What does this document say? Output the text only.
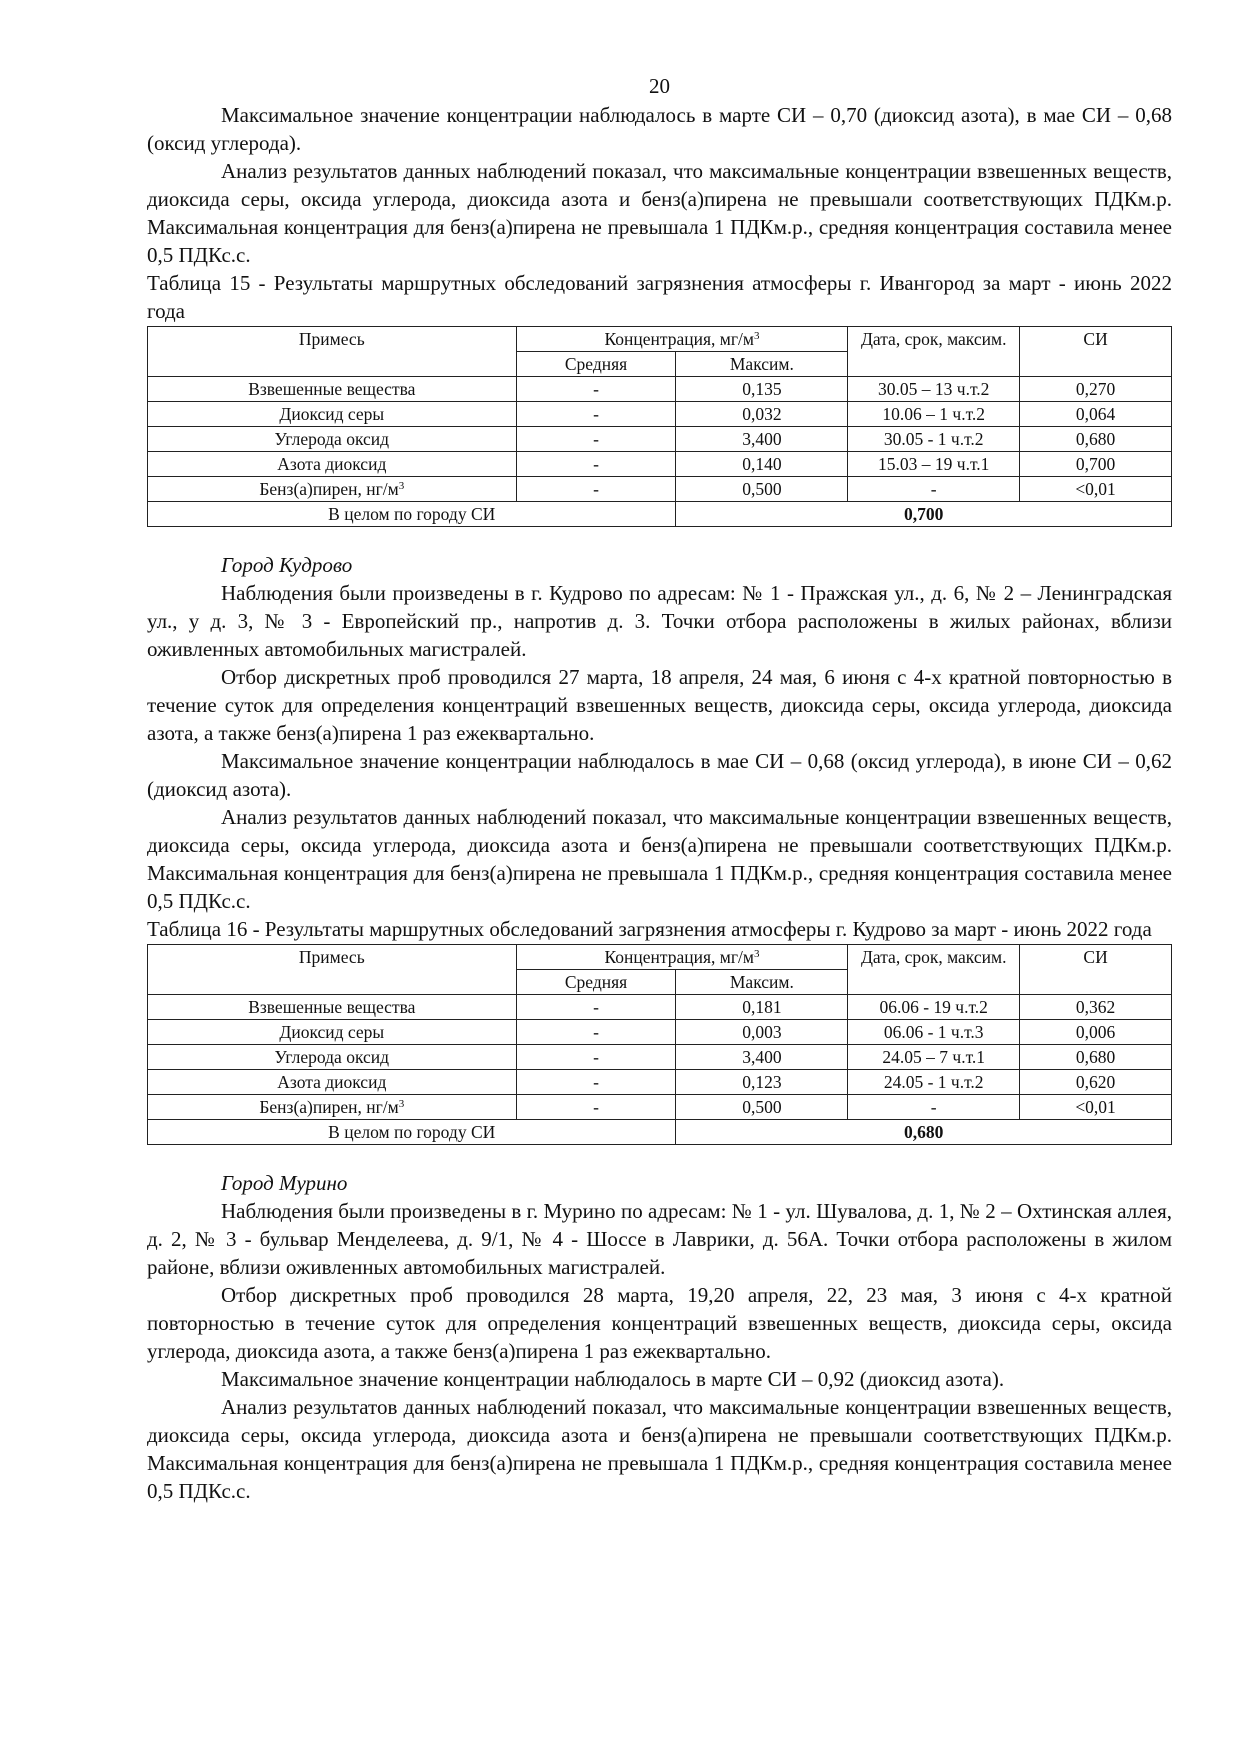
20

Максимальное значение концентрации наблюдалось в марте СИ – 0,70 (диоксид азота), в мае СИ – 0,68 (оксид углерода).

Анализ результатов данных наблюдений показал, что максимальные концентрации взвешенных веществ, диоксида серы, оксида углерода, диоксида азота и бенз(а)пирена не превышали соответствующих ПДКм.р. Максимальная концентрация для бенз(а)пирена не превышала 1 ПДКм.р., средняя концентрация составила менее 0,5 ПДКс.с.

Таблица 15 - Результаты маршрутных обследований загрязнения атмосферы г. Ивангород за март - июнь 2022 года
Примесь	Концентрация, $мг/м^3$		Дата, срок, максим.	СИ
	Средняя	Максим.		
Взвешенные вещества	-	0,135	30.05 – 13 ч.т.2	0,270
Диоксид серы	-	0,032	10.06 – 1 ч.т.2	0,064
Углерода оксид	-	3,400	30.05 - 1 ч.т.2	0,680
Азота диоксид	-	0,140	15.03 – 19 ч.т.1	0,700
Бенз(а)пирен, $нг/м^3$	-	0,500	-	<0,01
В целом по городу СИ		0,700		
Город Кудрово

Наблюдения были произведены в г. Кудрово по адресам: № 1 - Пражская ул., д. 6, № 2 – Ленинградская ул., у д. 3, № 3 - Европейский пр., напротив д. 3. Точки отбора расположены в жилых районах, вблизи оживленных автомобильных магистралей.

Отбор дискретных проб проводился 27 марта, 18 апреля, 24 мая, 6 июня с 4-х кратной повторностью в течение суток для определения концентраций взвешенных веществ, диоксида серы, оксида углерода, диоксида азота, а также бенз(а)пирена 1 раз ежеквартально.

Максимальное значение концентрации наблюдалось в мае СИ – 0,68 (оксид углерода), в июне СИ – 0,62 (диоксид азота).

Анализ результатов данных наблюдений показал, что максимальные концентрации взвешенных веществ, диоксида серы, оксида углерода, диоксида азота и бенз(а)пирена не превышали соответствующих ПДКм.р. Максимальная концентрация для бенз(а)пирена не превышала 1 ПДКм.р., средняя концентрация составила менее 0,5 ПДКс.с.

Таблица 16 - Результаты маршрутных обследований загрязнения атмосферы г. Кудрово за март - июнь 2022 года
Примесь	Концентрация, $мг/м^3$		Дата, срок, максим.	СИ
	Средняя	Максим.		
Взвешенные вещества	-	0,181	06.06 - 19 ч.т.2	0,362
Диоксид серы	-	0,003	06.06 - 1 ч.т.3	0,006
Углерода оксид	-	3,400	24.05 – 7 ч.т.1	0,680
Азота диоксид	-	0,123	24.05 - 1 ч.т.2	0,620
Бенз(а)пирен, $нг/м^3$	-	0,500	-	<0,01
В целом по городу СИ		0,680		
Город Мурино

Наблюдения были произведены в г. Мурино по адресам: № 1 - ул. Шувалова, д. 1, № 2 – Охтинская аллея, д. 2, № 3 - бульвар Менделеева, д. 9/1, № 4 - Шоссе в Лаврики, д. 56А. Точки отбора расположены в жилом районе, вблизи оживленных автомобильных магистралей.

Отбор дискретных проб проводился 28 марта, 19,20 апреля, 22, 23 мая, 3 июня с 4-х кратной повторностью в течение суток для определения концентраций взвешенных веществ, диоксида серы, оксида углерода, диоксида азота, а также бенз(а)пирена 1 раз ежеквартально.

Максимальное значение концентрации наблюдалось в марте СИ – 0,92 (диоксид азота).

Анализ результатов данных наблюдений показал, что максимальные концентрации взвешенных веществ, диоксида серы, оксида углерода, диоксида азота и бенз(а)пирена не превышали соответствующих ПДКм.р. Максимальная концентрация для бенз(а)пирена не превышала 1 ПДКм.р., средняя концентрация составила менее 0,5 ПДКс.с.
